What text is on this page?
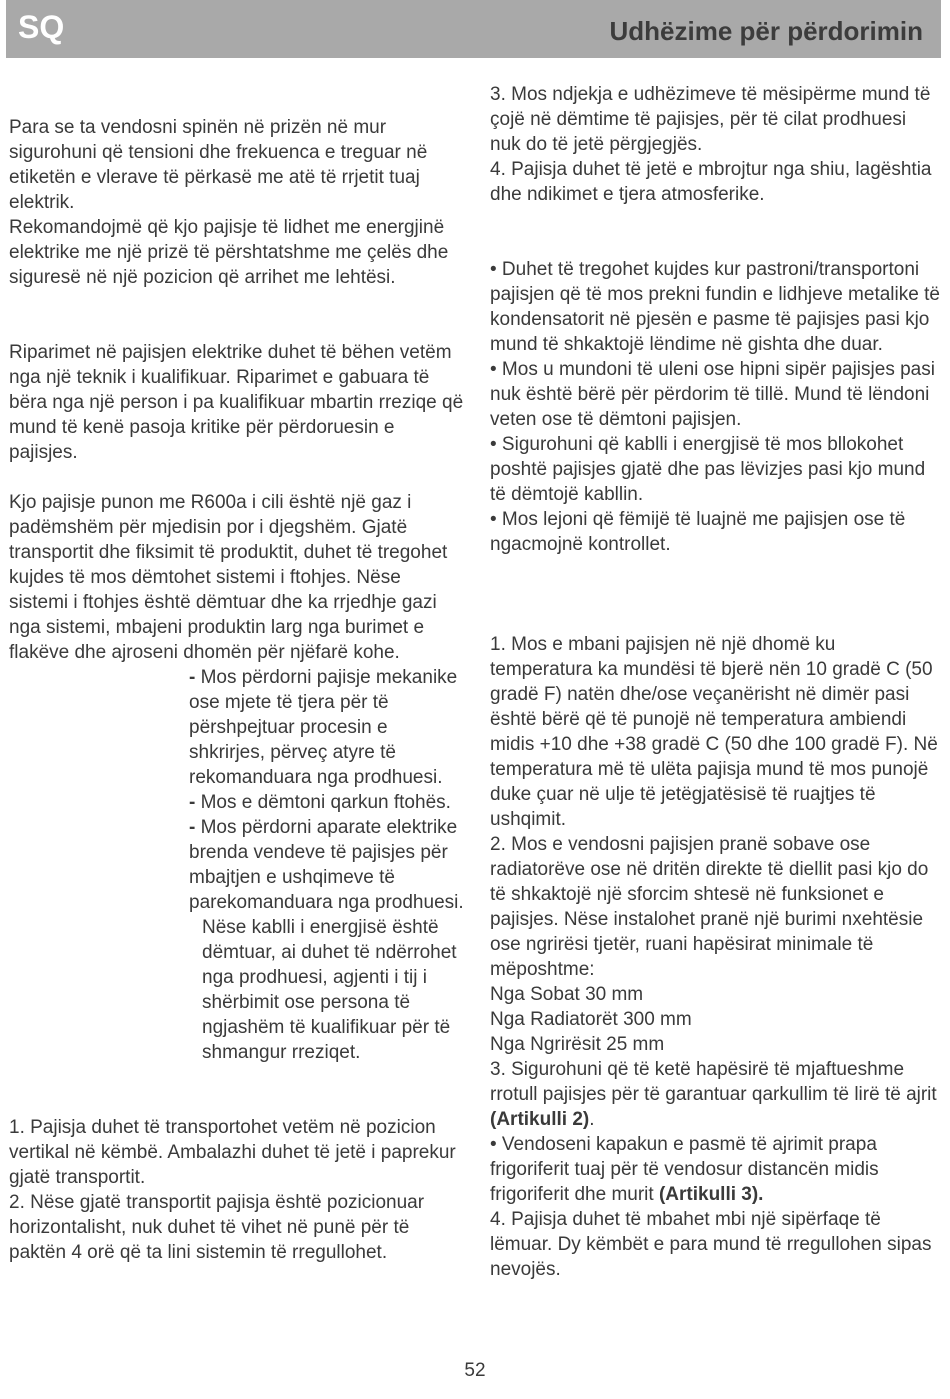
SQ	Udhëzime për përdorimin

Para se ta vendosni spinën në prizën në mur sigurohuni që tensioni dhe frekuenca e treguar në etiketën e vlerave të përkasë me atë të rrjetit tuaj elektrik.

Rekomandojmë që kjo pajisje të lidhet me energjinë elektrike me një prizë të përshtatshme me çelës dhe siguresë në një pozicion që arrihet me lehtësi.

Riparimet në pajisjen elektrike duhet të bëhen vetëm nga një teknik i kualifikuar. Riparimet e gabuara të bëra nga një person i pa kualifikuar mbartin rreziqe që mund të kenë pasoja kritike për përdoruesin e pajisjes.

Kjo pajisje punon me R600a i cili është një gaz i padëmshëm për mjedisin por i djegshëm. Gjatë transportit dhe fiksimit të produktit, duhet të tregohet kujdes të mos dëmtohet sistemi i ftohjes. Nëse sistemi i ftohjes është dëmtuar dhe ka rrjedhje gazi nga sistemi, mbajeni produktin larg nga burimet e flakëve dhe ajroseni dhomën për njëfarë kohe.

- Mos përdorni pajisje mekanike ose mjete të tjera për të përshpejtuar procesin e shkrirjes, përveç atyre të rekomanduara nga prodhuesi.

- Mos e dëmtoni qarkun ftohës.

- Mos përdorni aparate elektrike brenda vendeve të pajisjes për mbajtjen e ushqimeve të parekomanduara nga prodhuesi.

Nëse kablli i energjisë është dëmtuar, ai duhet të ndërrohet nga prodhuesi, agjenti i tij i shërbimit ose persona të ngjashëm të kualifikuar për të shmangur rreziqet.

1. Pajisja duhet të transportohet vetëm në pozicion vertikal në këmbë. Ambalazhi duhet të jetë i paprekur gjatë transportit.

2. Nëse gjatë transportit pajisja është pozicionuar horizontalisht, nuk duhet të vihet në punë për të paktën 4 orë që ta lini sistemin të rregullohet.

3. Mos ndjekja e udhëzimeve të mësipërme mund të çojë në dëmtime të pajisjes, për të cilat prodhuesi nuk do të jetë përgjegjës.

4. Pajisja duhet të jetë e mbrojtur nga shiu, lagështia dhe ndikimet e tjera atmosferike.

• Duhet të tregohet kujdes kur pastroni/transportoni pajisjen që të mos prekni fundin e lidhjeve metalike të kondensatorit në pjesën e pasme të pajisjes pasi kjo mund të shkaktojë lëndime në gishta dhe duar.

• Mos u mundoni të uleni ose hipni sipër pajisjes pasi nuk është bërë për përdorim të tillë. Mund të lëndoni veten ose të dëmtoni pajisjen.

• Sigurohuni që kablli i energjisë të mos bllokohet poshtë pajisjes gjatë dhe pas lëvizjes pasi kjo mund të dëmtojë kabllin.

• Mos lejoni që fëmijë të luajnë me pajisjen ose të ngacmojnë kontrollet.

1. Mos e mbani pajisjen në një dhomë ku temperatura ka mundësi të bjerë nën 10 gradë C (50 gradë F) natën dhe/ose veçanërisht në dimër pasi është bërë që të punojë në temperatura ambiendi midis +10 dhe +38 gradë C (50 dhe 100 gradë F). Në temperatura më të ulëta pajisja mund të mos punojë duke çuar në ulje të jetëgjatësisë të ruajtjes të ushqimit.

2. Mos e vendosni pajisjen pranë sobave ose radiatorëve ose në dritën direkte të diellit pasi kjo do të shkaktojë një sforcim shtesë në funksionet e pajisjes. Nëse instalohet pranë një burimi nxehtësie ose ngrirësi tjetër, ruani hapësirat minimale të mëposhtme:

Nga Sobat 30 mm

Nga Radiatorët 300 mm

Nga Ngrirësit 25 mm

3. Sigurohuni që të ketë hapësirë të mjaftueshme rrotull pajisjes për të garantuar qarkullim të lirë të ajrit (Artikulli 2).

• Vendoseni kapakun e pasmë të ajrimit prapa frigoriferit tuaj për të vendosur distancën midis frigoriferit dhe murit (Artikulli 3).

4. Pajisja duhet të mbahet mbi një sipërfaqe të lëmuar. Dy këmbët e para mund të rregullohen sipas nevojës.

52
